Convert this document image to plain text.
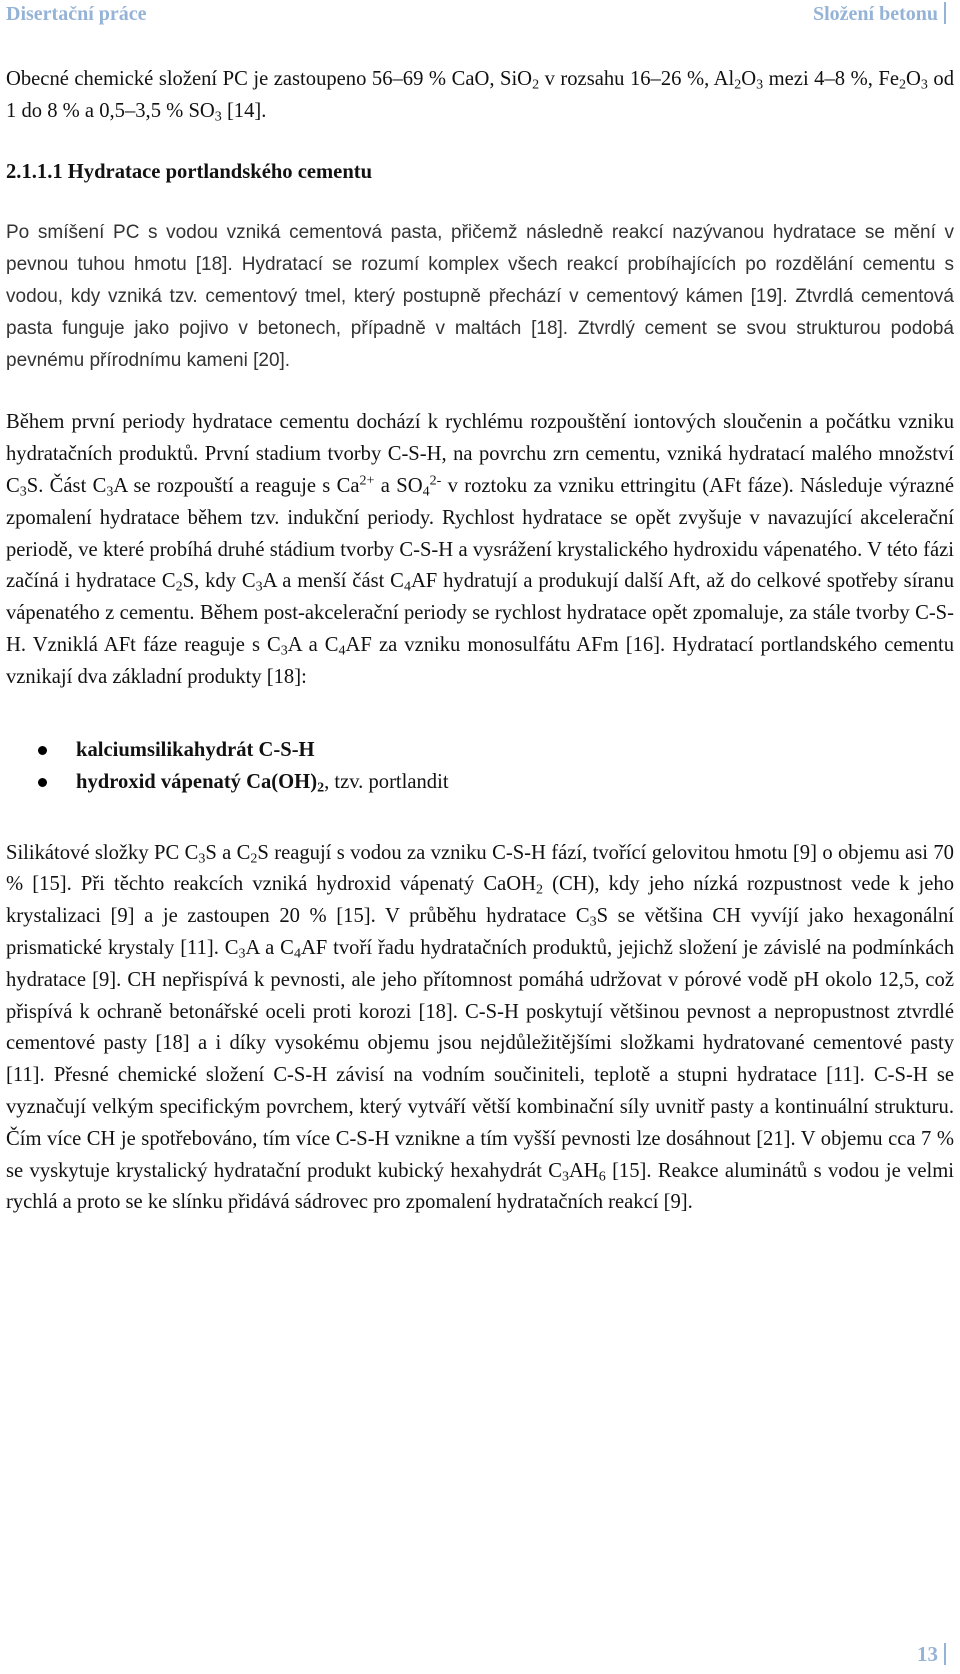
Disertační práce	Složení betonu

Obecné chemické složení PC je zastoupeno 56–69 % CaO, SiO$_2$ v rozsahu 16–26 %, $Al_2O_3$ mezi 4–8 %, $Fe_2O_3$ od 1 do 8 % a 0,5–3,5 % $SO_3$ [14].

2.1.1.1 Hydratace portlandského cementu

Po smíšení PC s vodou vzniká cementová pasta, přičemž následně reakcí nazývanou hydratace se mění v pevnou tuhou hmotu [18]. Hydratací se rozumí komplex všech reakcí probíhajících po rozdělání cementu s vodou, kdy vzniká tzv. cementový tmel, který postupně přechází v cementový kámen [19]. Ztvrdlá cementová pasta funguje jako pojivo v betonech, případně v maltách [18]. Ztvrdlý cement se svou strukturou podobá pevnému přírodnímu kameni [20].

Během první periody hydratace cementu dochází k rychlému rozpouštění iontových sloučenin a počátku vzniku hydratačních produktů. První stadium tvorby C-S-H, na povrchu zrn cementu, vzniká hydratací malého množství $C_3S$. Část $C_3A$ se rozpouští a reaguje s $Ca^{2+}$ a $SO_4^{2-}$ v roztoku za vzniku ettringitu (AFt fáze). Následuje výrazné zpomalení hydratace během tzv. indukční periody. Rychlost hydratace se opět zvyšuje v navazující akcelerační periodě, ve které probíhá druhé stádium tvorby C-S-H a vysrážení krystalického hydroxidu vápenatého. V této fázi začíná i hydratace $C_2S$, kdy $C_3A$ a menší část $C_4AF$ hydratují a produkují další Aft, až do celkové spotřeby síranu vápenatého z cementu. Během post-akcelerační periody se rychlost hydratace opět zpomaluje, za stále tvorby C-S-H. Vzniklá AFt fáze reaguje s $C_3A$ a $C_4AF$ za vzniku monosulfátu AFm [16]. Hydratací portlandského cementu vznikají dva základní produkty [18]:

kalciumsilikahydrát C-S-H
hydroxid vápenatý $Ca(OH)_2$, tzv. portlandit

Silikátové složky PC $C_3S$ a $C_2S$ reagují s vodou za vzniku C-S-H fází, tvořící gelovitou hmotu [9] o objemu asi 70 % [15]. Při těchto reakcích vzniká hydroxid vápenatý CaOH$_2$ (CH), kdy jeho nízká rozpustnost vede k jeho krystalizaci [9] a je zastoupen 20 % [15]. V průběhu hydratace $C_3S$ se většina CH vyvíjí jako hexagonální prismatické krystaly [11]. $C_3A$ a $C_4AF$ tvoří řadu hydratačních produktů, jejichž složení je závislé na podmínkách hydratace [9]. CH nepřispívá k pevnosti, ale jeho přítomnost pomáhá udržovat v pórové vodě pH okolo 12,5, což přispívá k ochraně betonářské oceli proti korozi [18]. C-S-H poskytují většinou pevnost a nepropustnost ztvrdlé cementové pasty [18] a i díky vysokému objemu jsou nejdůležitějšími složkami hydratované cementové pasty [11]. Přesné chemické složení C-S-H závisí na vodním součiniteli, teplotě a stupni hydratace [11]. C-S-H se vyznačují velkým specifickým povrchem, který vytváří větší kombinační síly uvnitř pasty a kontinuální strukturu. Čím více CH je spotřebováno, tím více C-S-H vznikne a tím vyšší pevnosti lze dosáhnout [21]. V objemu cca 7 % se vyskytuje krystalický hydratační produkt kubický hexahydrát $C_3AH_6$ [15]. Reakce aluminátů s vodou je velmi rychlá a proto se ke slínku přidává sádrovec pro zpomalení hydratačních reakcí [9].

13
